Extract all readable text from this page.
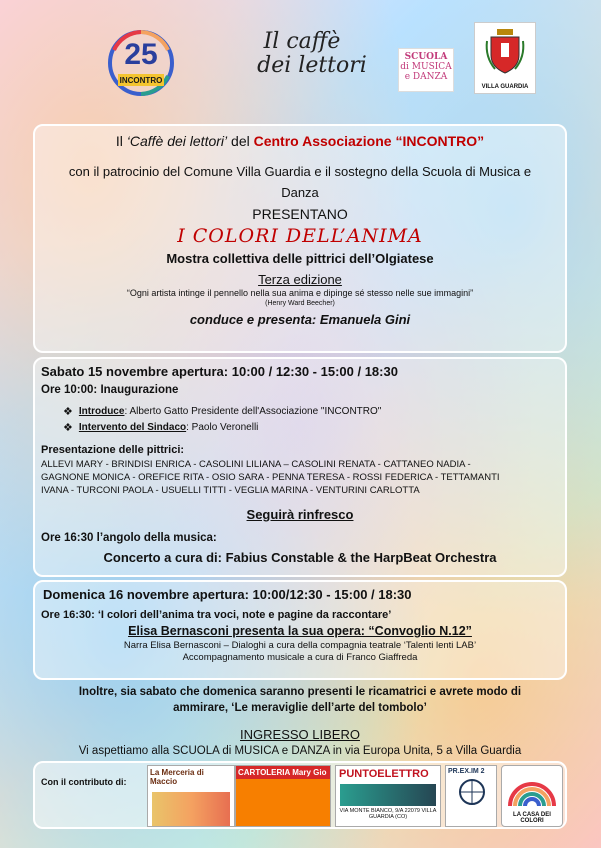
25
INCONTRO
Il caffè
dei lettori	SCUOLA
di MUSICA
e DANZA
VILLA GUARDIA

Il ‘Caffè dei lettori’ del Centro Associazione “INCONTRO”

con il patrocinio del Comune Villa Guardia e il sostegno della Scuola di Musica e Danza

PRESENTANO

I COLORI DELL’ANIMA

Mostra collettiva delle pittrici dell’Olgiatese

Terza edizione

“Ogni artista intinge il pennello nella sua anima e dipinge sé stesso nelle sue immagini”

(Henry Ward Beecher)

conduce e presenta: Emanuela Gini

Sabato 15 novembre apertura: 10:00 / 12:30 - 15:00 / 18:30

Ore 10:00: Inaugurazione

❖ Introduce : Alberto Gatto Presidente dell'Associazione "INCONTRO"
❖ Intervento del Sindaco : Paolo Veronelli

Presentazione delle pittrici:

ALLEVI MARY - BRINDISI ENRICA - CASOLINI LILIANA – CASOLINI RENATA - CATTANEO NADIA -
GAGNONE MONICA - OREFICE RITA - OSIO SARA - PENNA TERESA - ROSSI FEDERICA - TETTAMANTI
IVANA - TURCONI PAOLA - USUELLI TITTI - VEGLIA MARINA - VENTURINI CARLOTTA

Seguirà rinfresco

Ore 16:30 l’angolo della musica:

Concerto a cura di: Fabius Constable & the HarpBeat Orchestra

Domenica 16 novembre apertura: 10:00/12:30 - 15:00 / 18:30

Ore 16:30: ‘I colori dell’anima tra voci, note e pagine da raccontare’

Elisa Bernasconi presenta la sua opera: “Convoglio N.12”

Narra Elisa Bernasconi – Dialoghi a cura della compagnia teatrale ‘Talenti lenti LAB’

Accompagnamento musicale a cura di Franco Giaffreda

Inoltre, sia sabato che domenica saranno presenti le ricamatrici e avrete modo di
ammirare, ‘Le meraviglie dell’arte del tombolo’
INGRESSO LIBERO
Vi aspettiamo alla SCUOLA di MUSICA e DANZA in via Europa Unita, 5 a Villa Guardia
Con il contributo di:
La Merceria di Maccio
CARTOLERIA Mary Gio	PUNTOELETTRO
VIA MONTE BIANCO, 9/A 22079 VILLA GUARDIA (CO)
PR.EX.IM 2
LA CASA DEI COLORI
